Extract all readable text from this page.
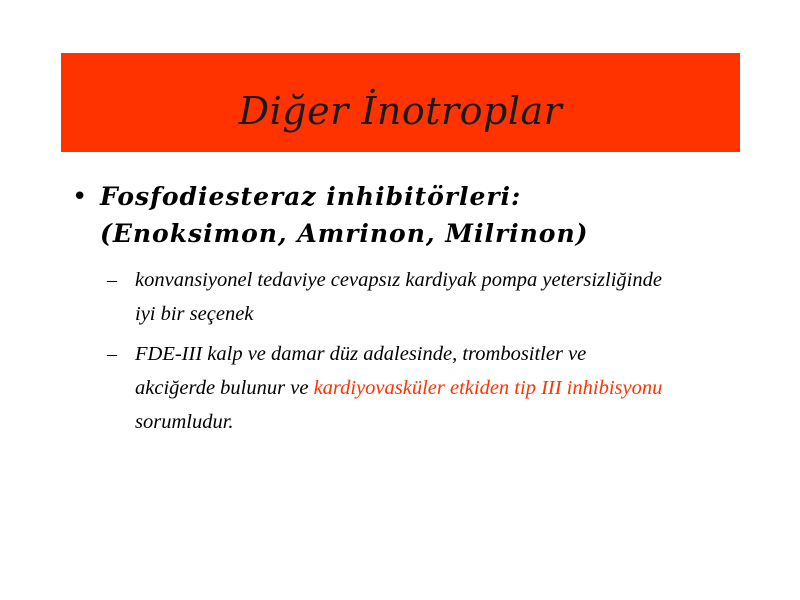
Diğer İnotroplar
• Fosfodiesteraz inhibitörleri: (Enoksimon, Amrinon, Milrinon)
– konvansiyonel tedaviye cevapsız kardiyak pompa yetersizliğinde iyi bir seçenek
– FDE-III kalp ve damar düz adalesinde, trombositler ve akciğerde bulunur ve kardiyovasküler etkiden tip III inhibisyonu sorumludur.
